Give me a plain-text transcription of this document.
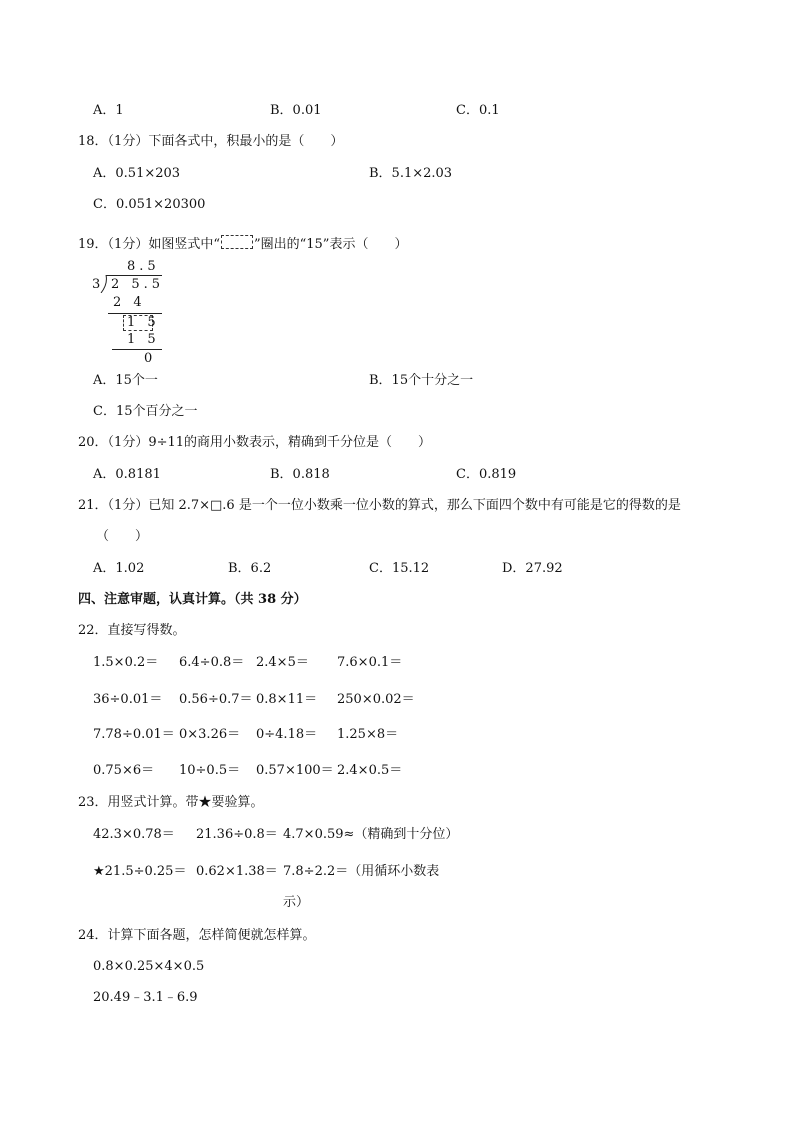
A．1	B．0.01	C．0.1
18．（1分）下面各式中，积最小的是（　　）
A．0.51×203	B．5.1×2.03
C．0.051×20300
19．（1分）如图竖式中“	”圈出的“15”表示（　　）
8.5
3 2 5.5
2 4
1 5
1 5
0
A．15个一	B．15个十分之一
C．15个百分之一
20．（1分）9÷11的商用小数表示，精确到千分位是（　　）
A．0.8181	B．0.818	C．0.819
21．（1分）已知 2.7×□.6 是一个一位小数乘一位小数的算式，那么下面四个数中有可能是它的得数的是
（　　）
A．1.02	B．6.2	C．15.12	D．27.92
四、注意审题，认真计算。（共 38 分）
22．直接写得数。
1.5×0.2＝ 6.4÷0.8＝ 2.4×5＝ 7.6×0.1＝
36÷0.01＝ 0.56÷0.7＝ 0.8×11＝ 250×0.02＝
7.78÷0.01＝ 0×3.26＝ 0÷4.18＝ 1.25×8＝
0.75×6＝ 10÷0.5＝ 0.57×100＝ 2.4×0.5＝
23．用竖式计算。带★要验算。
42.3×0.78＝ 21.36÷0.8＝ 4.7×0.59≈（精确到十分位）
★21.5÷0.25＝ 0.62×1.38＝ 7.8÷2.2＝（用循环小数表
示）
24．计算下面各题，怎样简便就怎样算。
0.8×0.25×4×0.5
20.49﹣3.1﹣6.9
